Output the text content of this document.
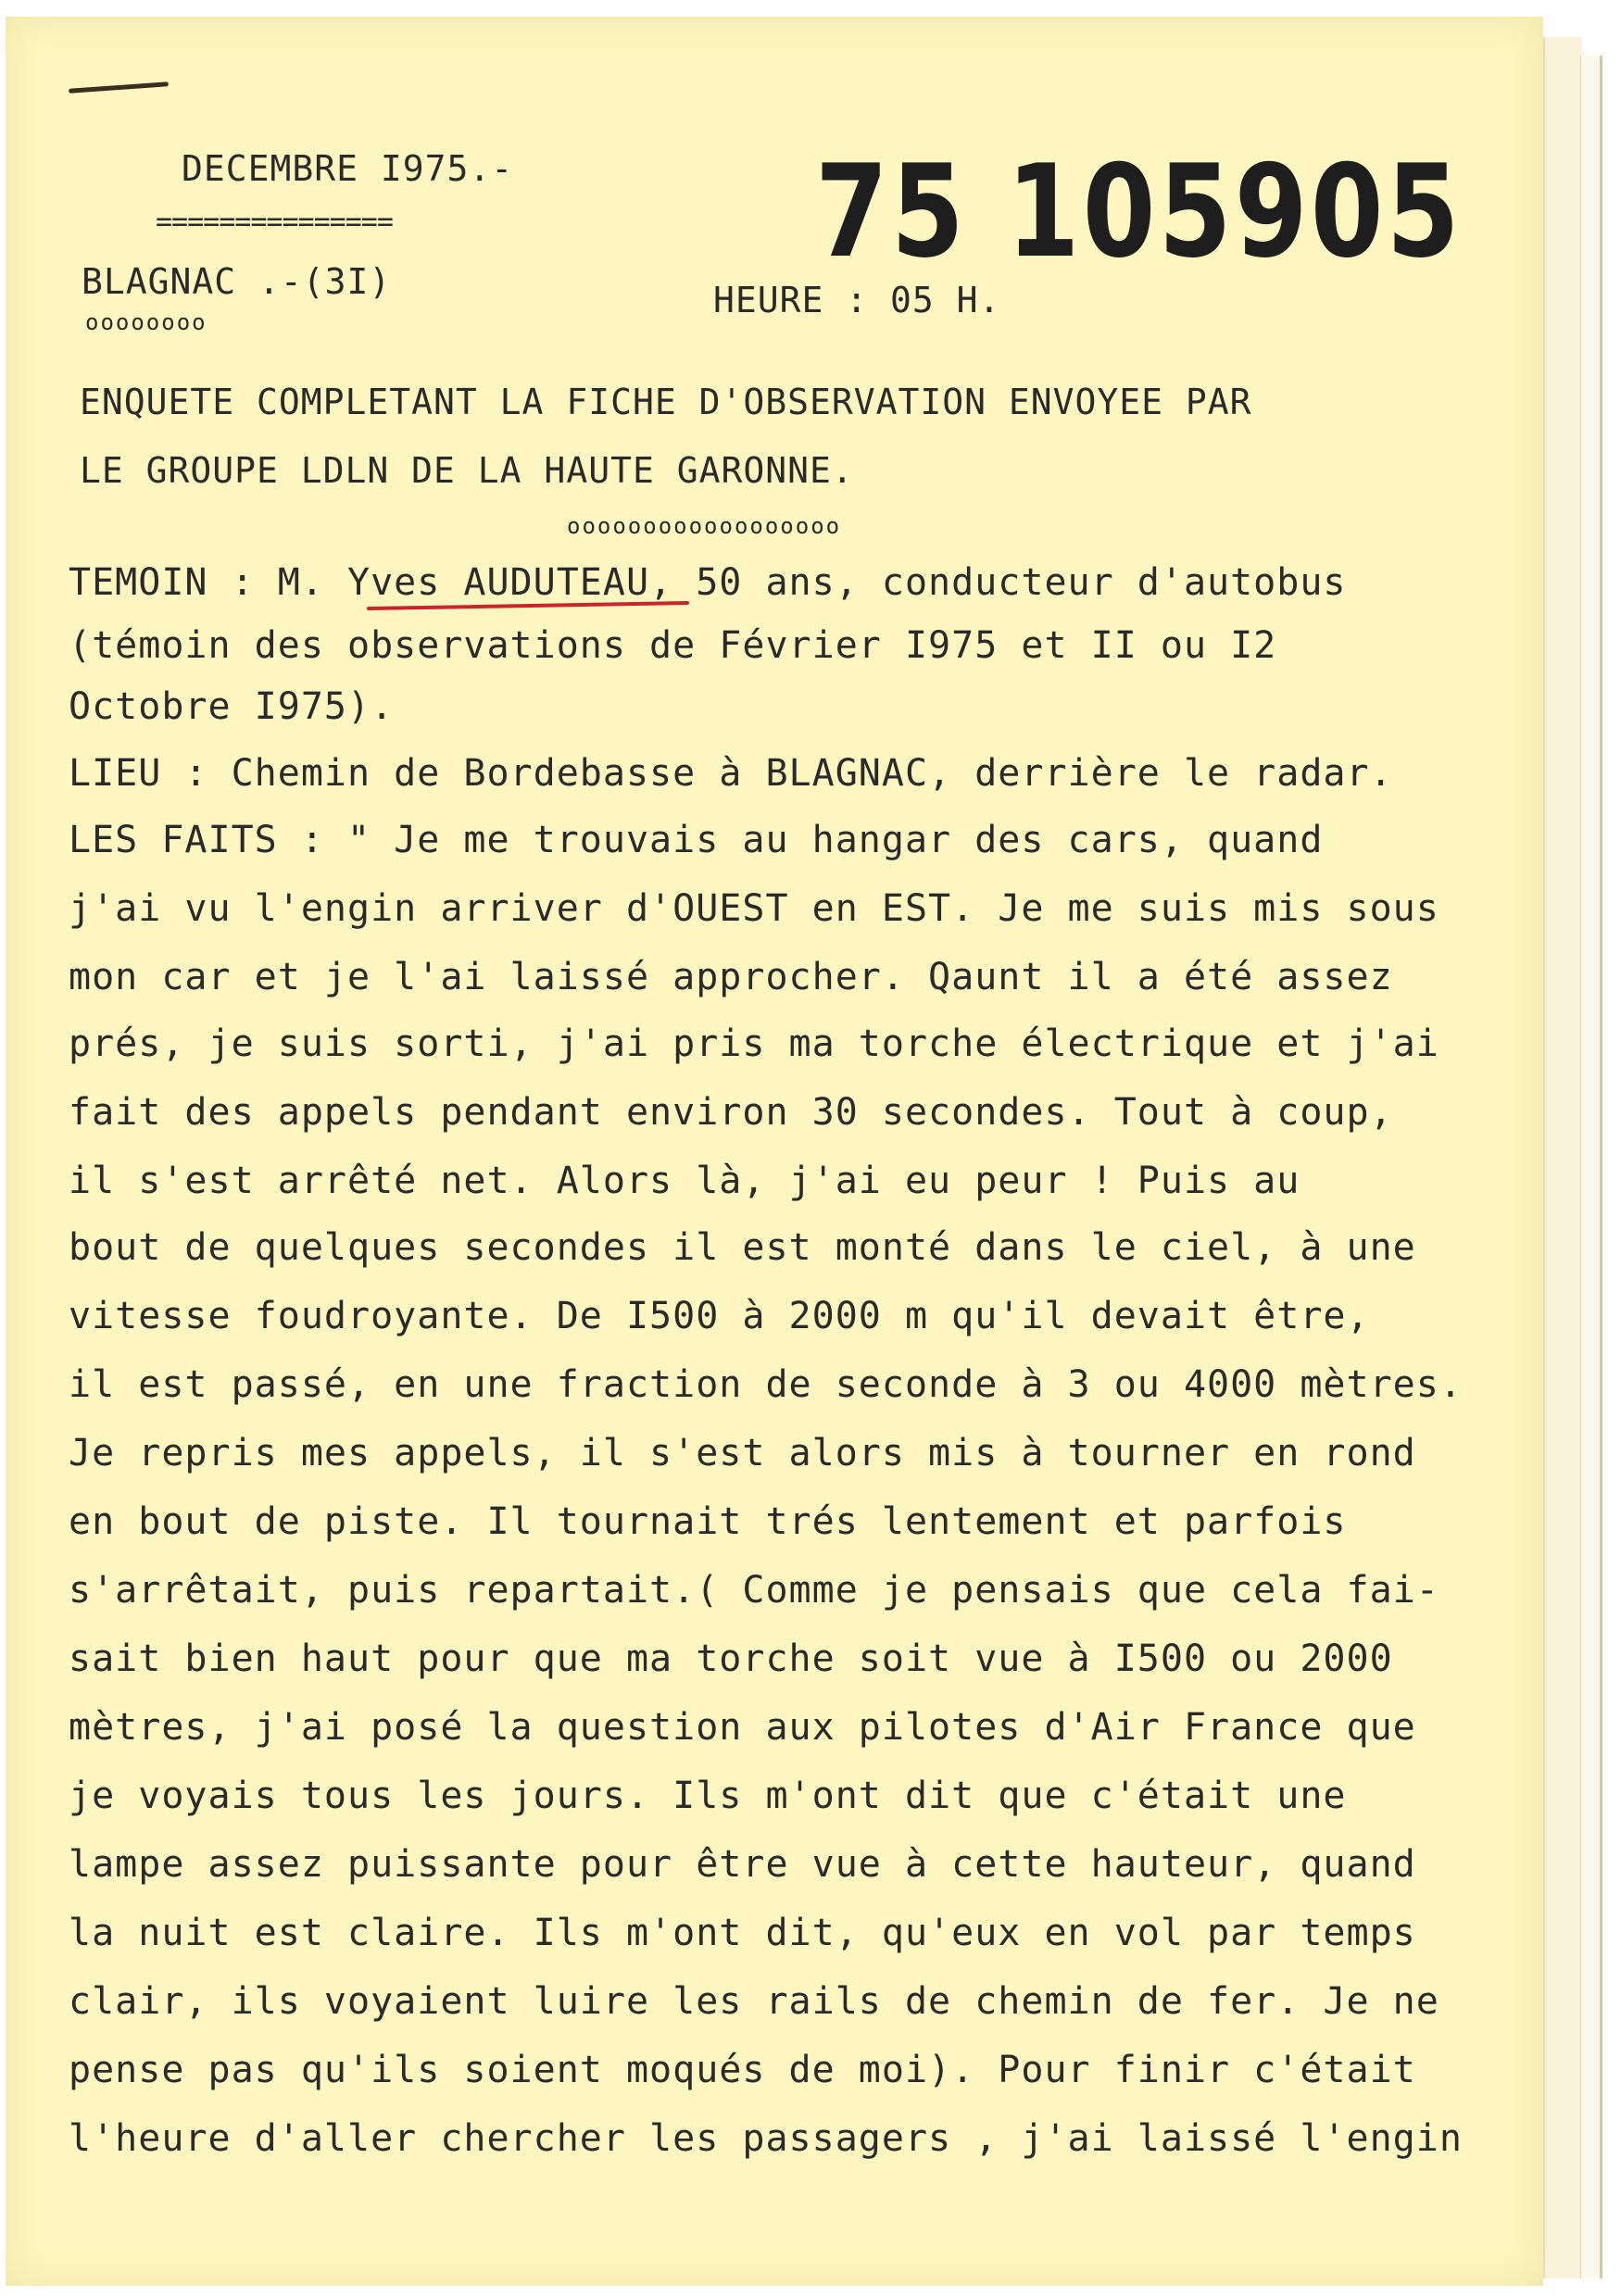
DECEMBRE I975.-

===============

BLAGNAC .-(3I)

oooooooo

HEURE : 05 H.

75 105905

ENQUETE COMPLETANT LA FICHE D'OBSERVATION ENVOYEE PAR

LE GROUPE LDLN DE LA HAUTE GARONNE.

oooooooooooooooooo

TEMOIN : M. Yves AUDUTEAU, 50 ans, conducteur d'autobus

(témoin des observations de Février I975 et II ou I2

Octobre I975).

LIEU : Chemin de Bordebasse à BLAGNAC, derrière le radar.

LES FAITS : " Je me trouvais au hangar des cars, quand

j'ai vu l'engin arriver d'OUEST en EST. Je me suis mis sous

mon car et je l'ai laissé approcher. Qaunt il a été assez

prés, je suis sorti, j'ai pris ma torche électrique et j'ai

fait des appels pendant environ 30 secondes. Tout à coup,

il s'est arrêté net. Alors là, j'ai eu peur ! Puis au

bout de quelques secondes il est monté dans le ciel, à une

vitesse foudroyante. De I500 à 2000 m qu'il devait être,

il est passé, en une fraction de seconde à 3 ou 4000 mètres.

Je repris mes appels, il s'est alors mis à tourner en rond

en bout de piste. Il tournait trés lentement et parfois

s'arrêtait, puis repartait.( Comme je pensais que cela fai-

sait bien haut pour que ma torche soit vue à I500 ou 2000

mètres, j'ai posé la question aux pilotes d'Air France que

je voyais tous les jours. Ils m'ont dit que c'était une

lampe assez puissante pour être vue à cette hauteur, quand

la nuit est claire. Ils m'ont dit, qu'eux en vol par temps

clair, ils voyaient luire les rails de chemin de fer. Je ne

pense pas qu'ils soient moqués de moi). Pour finir c'était

l'heure d'aller chercher les passagers , j'ai laissé l'engin
